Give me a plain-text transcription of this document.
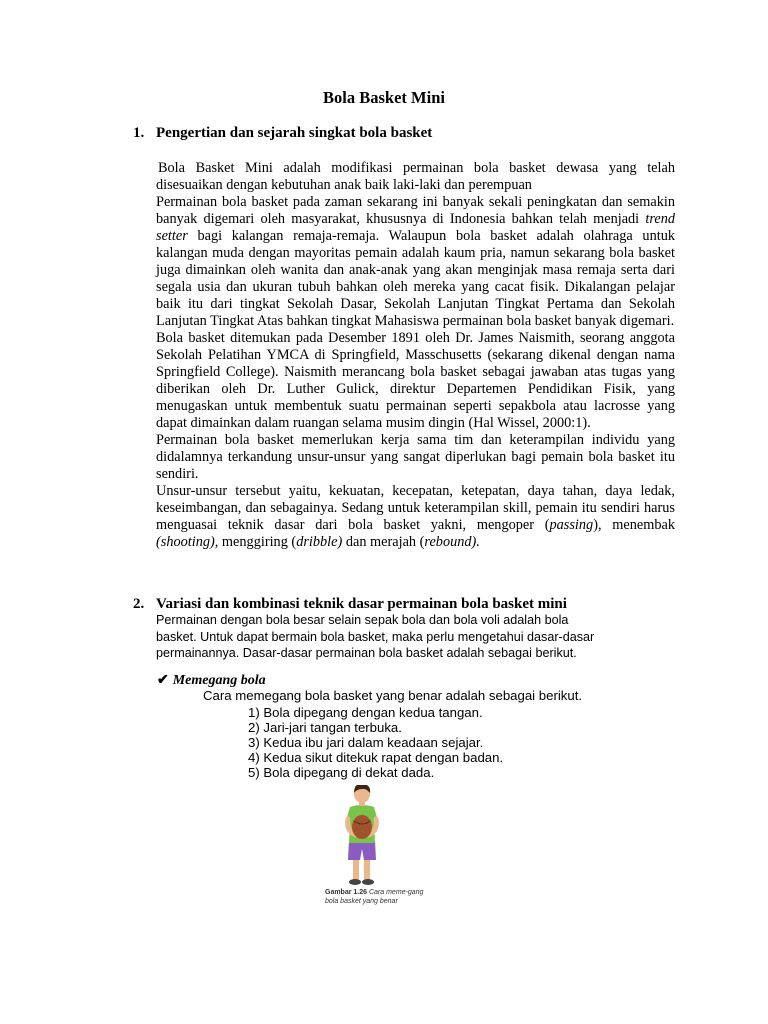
Bola Basket Mini
1. Pengertian dan sejarah singkat bola basket

Bola Basket Mini adalah modifikasi permainan bola basket dewasa yang telah disesuaikan dengan kebutuhan anak baik laki-laki dan perempuan

Permainan bola basket pada zaman sekarang ini banyak sekali peningkatan dan semakin banyak digemari oleh masyarakat, khususnya di Indonesia bahkan telah menjadi trend setter bagi kalangan remaja-remaja. Walaupun bola basket adalah olahraga untuk kalangan muda dengan mayoritas pemain adalah kaum pria, namun sekarang bola basket juga dimainkan oleh wanita dan anak-anak yang akan menginjak masa remaja serta dari segala usia dan ukuran tubuh bahkan oleh mereka yang cacat fisik. Dikalangan pelajar baik itu dari tingkat Sekolah Dasar, Sekolah Lanjutan Tingkat Pertama dan Sekolah Lanjutan Tingkat Atas bahkan tingkat Mahasiswa permainan bola basket banyak digemari.

Bola basket ditemukan pada Desember 1891 oleh Dr. James Naismith, seorang anggota Sekolah Pelatihan YMCA di Springfield, Masschusetts (sekarang dikenal dengan nama Springfield College). Naismith merancang bola basket sebagai jawaban atas tugas yang diberikan oleh Dr. Luther Gulick, direktur Departemen Pendidikan Fisik, yang menugaskan untuk membentuk suatu permainan seperti sepakbola atau lacrosse yang dapat dimainkan dalam ruangan selama musim dingin (Hal Wissel, 2000:1).

Permainan bola basket memerlukan kerja sama tim dan keterampilan individu yang didalamnya terkandung unsur-unsur yang sangat diperlukan bagi pemain bola basket itu sendiri.

Unsur-unsur tersebut yaitu, kekuatan, kecepatan, ketepatan, daya tahan, daya ledak, keseimbangan, dan sebagainya. Sedang untuk keterampilan skill, pemain itu sendiri harus menguasai teknik dasar dari bola basket yakni, mengoper (passing), menembak (shooting), menggiring (dribble) dan merajah (rebound).

2. Variasi dan kombinasi teknik dasar permainan bola basket mini

Permainan dengan bola besar selain sepak bola dan bola voli adalah bola basket. Untuk dapat bermain bola basket, maka perlu mengetahui dasar-dasar permainannya. Dasar-dasar permainan bola basket adalah sebagai berikut.

✔ Memegang bola
Cara memegang bola basket yang benar adalah sebagai berikut.
1) Bola dipegang dengan kedua tangan.
2) Jari-jari tangan terbuka.
3) Kedua ibu jari dalam keadaan sejajar.
4) Kedua sikut ditekuk rapat dengan badan.
5) Bola dipegang di dekat dada.
Gambar 1.26 Cara meme-gang bola basket yang benar
